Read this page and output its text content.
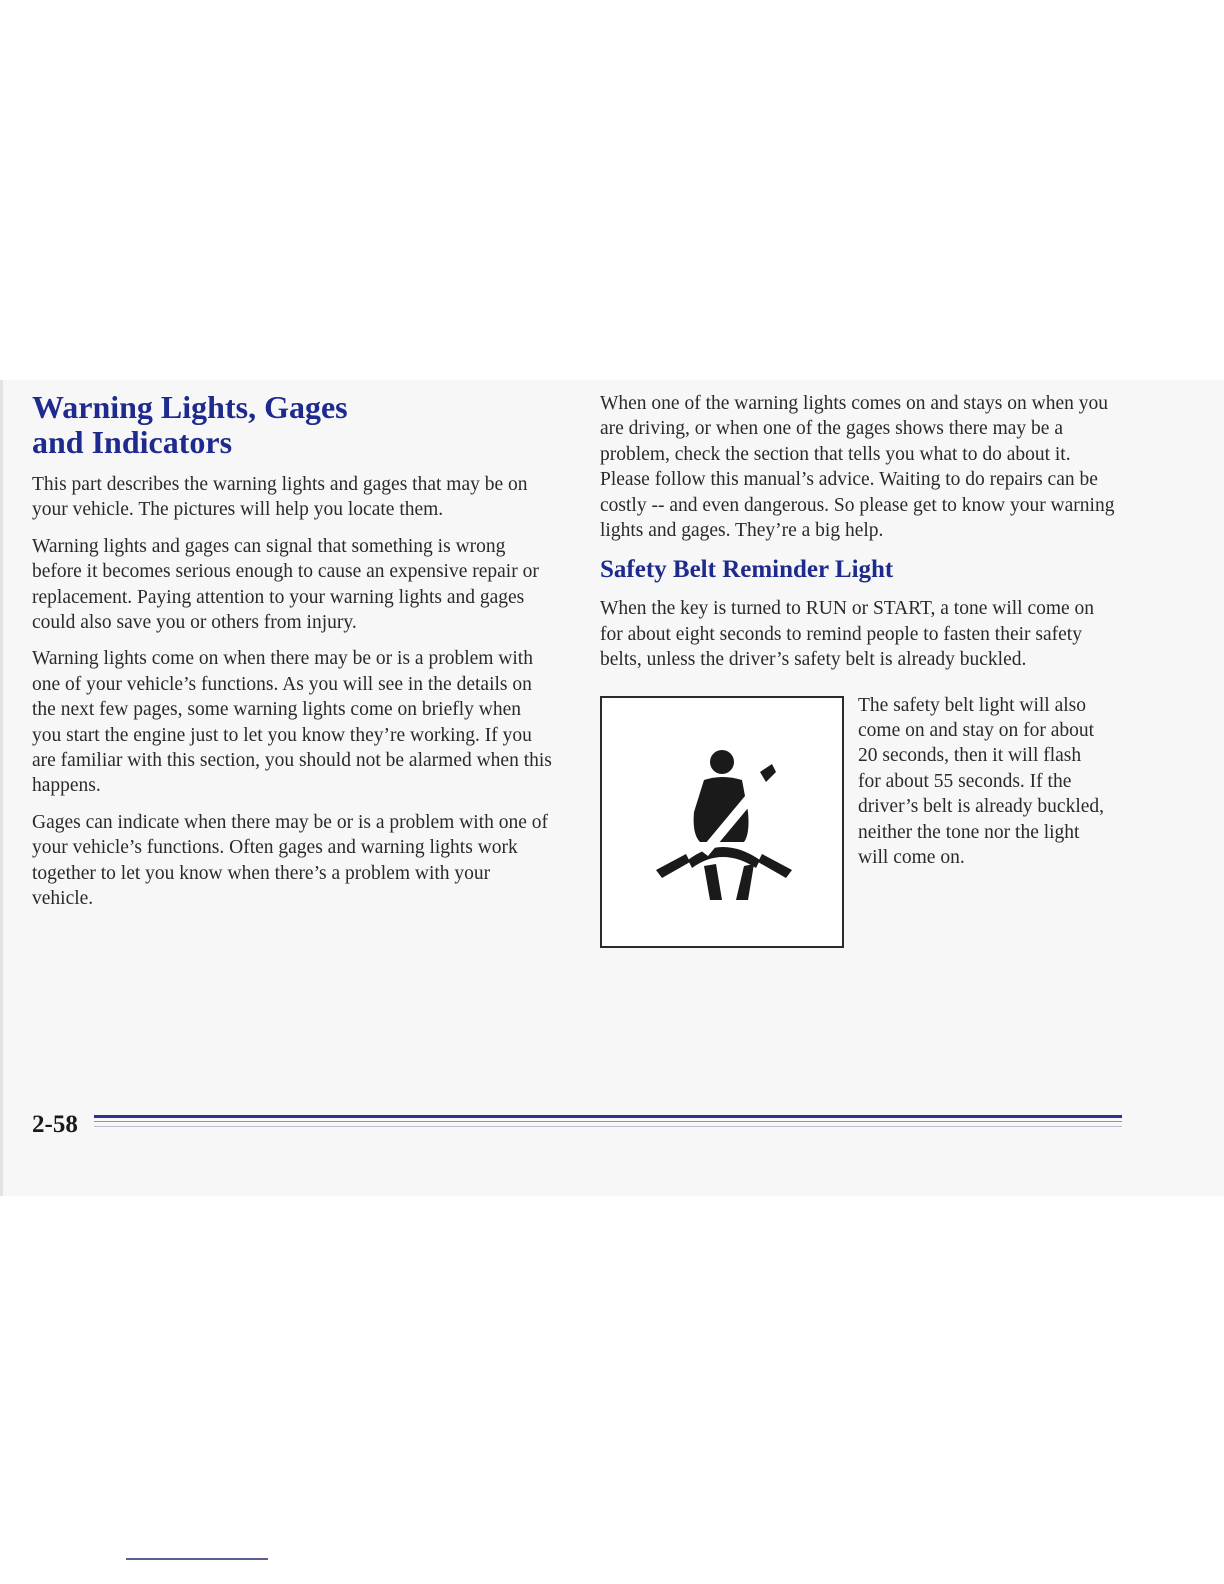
Warning Lights, Gages and Indicators

This part describes the warning lights and gages that may be on your vehicle. The pictures will help you locate them.

Warning lights and gages can signal that something is wrong before it becomes serious enough to cause an expensive repair or replacement. Paying attention to your warning lights and gages could also save you or others from injury.

Warning lights come on when there may be or is a problem with one of your vehicle’s functions. As you will see in the details on the next few pages, some warning lights come on briefly when you start the engine just to let you know they’re working. If you are familiar with this section, you should not be alarmed when this happens.

Gages can indicate when there may be or is a problem with one of your vehicle’s functions. Often gages and warning lights work together to let you know when there’s a problem with your vehicle.

When one of the warning lights comes on and stays on when you are driving, or when one of the gages shows there may be a problem, check the section that tells you what to do about it. Please follow this manual’s advice. Waiting to do repairs can be costly -- and even dangerous. So please get to know your warning lights and gages. They’re a big help.

Safety Belt Reminder Light

When the key is turned to RUN or START, a tone will come on for about eight seconds to remind people to fasten their safety belts, unless the driver’s safety belt is already buckled.

The safety belt light will also come on and stay on for about 20 seconds, then it will flash for about 55 seconds. If the driver’s belt is already buckled, neither the tone nor the light will come on.

2-58
